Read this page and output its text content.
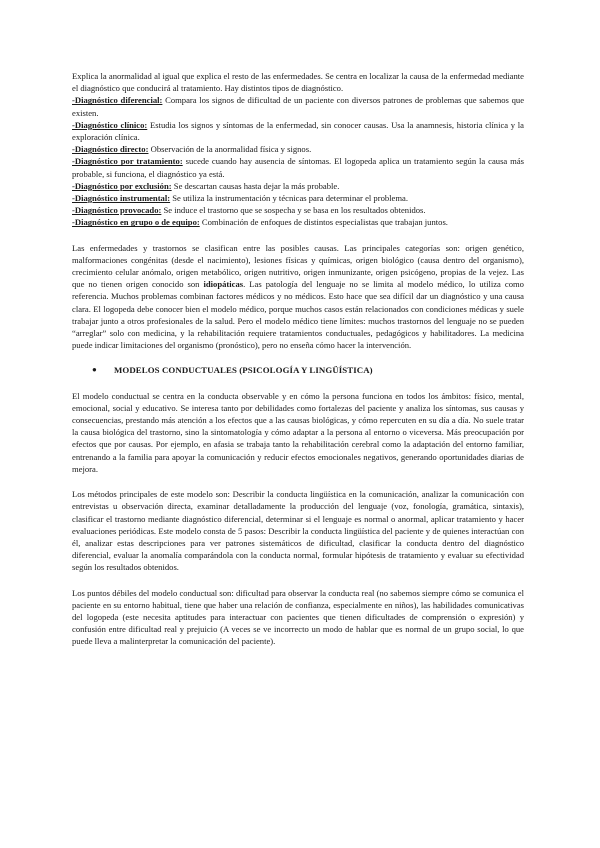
Explica la anormalidad al igual que explica el resto de las enfermedades. Se centra en localizar la causa de la enfermedad mediante el diagnóstico que conducirá al tratamiento. Hay distintos tipos de diagnóstico.

-Diagnóstico diferencial: Compara los signos de dificultad de un paciente con diversos patrones de problemas que sabemos que existen.

-Diagnóstico clínico: Estudia los signos y síntomas de la enfermedad, sin conocer causas. Usa la anamnesis, historia clínica y la exploración clínica.

-Diagnóstico directo: Observación de la anormalidad física y signos.

-Diagnóstico por tratamiento: sucede cuando hay ausencia de síntomas. El logopeda aplica un tratamiento según la causa más probable, si funciona, el diagnóstico ya está.

-Diagnóstico por exclusión: Se descartan causas hasta dejar la más probable.

-Diagnóstico instrumental: Se utiliza la instrumentación y técnicas para determinar el problema.

-Diagnóstico provocado: Se induce el trastorno que se sospecha y se basa en los resultados obtenidos.

-Diagnóstico en grupo o de equipo: Combinación de enfoques de distintos especialistas que trabajan juntos.

Las enfermedades y trastornos se clasifican entre las posibles causas. Las principales categorías son: origen genético, malformaciones congénitas (desde el nacimiento), lesiones físicas y químicas, origen biológico (causa dentro del organismo), crecimiento celular anómalo, origen metabólico, origen nutritivo, origen inmunizante, origen psicógeno, propias de la vejez. Las que no tienen origen conocido son idiopáticas. Las patología del lenguaje no se limita al modelo médico, lo utiliza como referencia. Muchos problemas combinan factores médicos y no médicos. Esto hace que sea difícil dar un diagnóstico y una causa clara. El logopeda debe conocer bien el modelo médico, porque muchos casos están relacionados con condiciones médicas y suele trabajar junto a otros profesionales de la salud. Pero el modelo médico tiene límites: muchos trastornos del lenguaje no se pueden “arreglar” solo con medicina, y la rehabilitación requiere tratamientos conductuales, pedagógicos y habilitadores. La medicina puede indicar limitaciones del organismo (pronóstico), pero no enseña cómo hacer la intervención.

●	MODELOS CONDUCTUALES (PSICOLOGÍA Y LINGÜÍSTICA)

El modelo conductual se centra en la conducta observable y en cómo la persona funciona en todos los ámbitos: físico, mental, emocional, social y educativo. Se interesa tanto por debilidades como fortalezas del paciente y analiza los síntomas, sus causas y consecuencias, prestando más atención a los efectos que a las causas biológicas, y cómo repercuten en su día a día. No suele tratar la causa biológica del trastorno, sino la sintomatología y cómo adaptar a la persona al entorno o viceversa. Más preocupación por efectos que por causas. Por ejemplo, en afasia se trabaja tanto la rehabilitación cerebral como la adaptación del entorno familiar, entrenando a la familia para apoyar la comunicación y reducir efectos emocionales negativos, generando oportunidades diarias de mejora.

Los métodos principales de este modelo son: Describir la conducta lingüística en la comunicación, analizar la comunicación con entrevistas u observación directa, examinar detalladamente la producción del lenguaje (voz, fonología, gramática, sintaxis), clasificar el trastorno mediante diagnóstico diferencial, determinar si el lenguaje es normal o anormal, aplicar tratamiento y hacer evaluaciones periódicas. Este modelo consta de 5 pasos: Describir la conducta lingüística del paciente y de quienes interactúan con él, analizar estas descripciones para ver patrones sistemáticos de dificultad, clasificar la conducta dentro del diagnóstico diferencial, evaluar la anomalía comparándola con la conducta normal, formular hipótesis de tratamiento y evaluar su efectividad según los resultados obtenidos.

Los puntos débiles del modelo conductual son: dificultad para observar la conducta real (no sabemos siempre cómo se comunica el paciente en su entorno habitual, tiene que haber una relación de confianza, especialmente en niños), las habilidades comunicativas del logopeda (este necesita aptitudes para interactuar con pacientes que tienen dificultades de comprensión o expresión) y confusión entre dificultad real y prejuicio (A veces se ve incorrecto un modo de hablar que es normal de un grupo social, lo que puede lleva a malinterpretar la comunicación del paciente).
